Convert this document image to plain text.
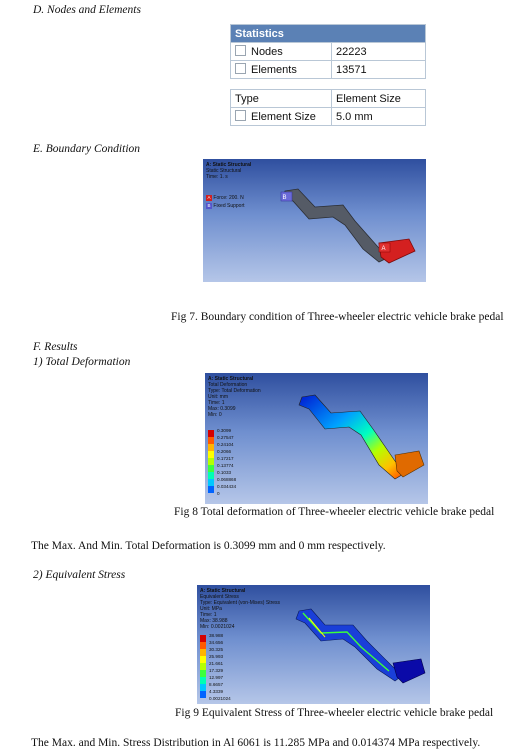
D. Nodes and Elements
Statistics	
Nodes	22223
Elements	13571
Type	Element Size
Element Size	5.0 mm
E. Boundary Condition
A: Static Structural
Static Structural
Time: 1. s
A Force: 200. N
B Fixed Support
B
A
Fig 7. Boundary condition of Three-wheeler electric vehicle brake pedal
F. Results
1) Total Deformation
A: Static Structural
Total Deformation
Type: Total Deformation
Unit: mm
Time: 1
Max: 0.3099
Min: 0
0.3099
0.27547
0.24104
0.2066
0.17217
0.13774
0.1033
0.068868
0.034434
0
Fig 8 Total deformation of Three-wheeler electric vehicle brake pedal
The Max. And Min. Total Deformation is 0.3099 mm and 0 mm respectively.
2) Equivalent Stress
A: Static Structural
Equivalent Stress
Type: Equivalent (von-Mises) Stress
Unit: MPa
Time: 1
Max: 38.988
Min: 0.0021024
38.988
34.656
30.325
25.993
21.661
17.329
12.997
8.6657
4.3339
0.0021024
Fig 9 Equivalent Stress of Three-wheeler electric vehicle brake pedal
The Max. and Min. Stress Distribution in Al 6061 is 11.285 MPa and 0.014374 MPa respectively.
